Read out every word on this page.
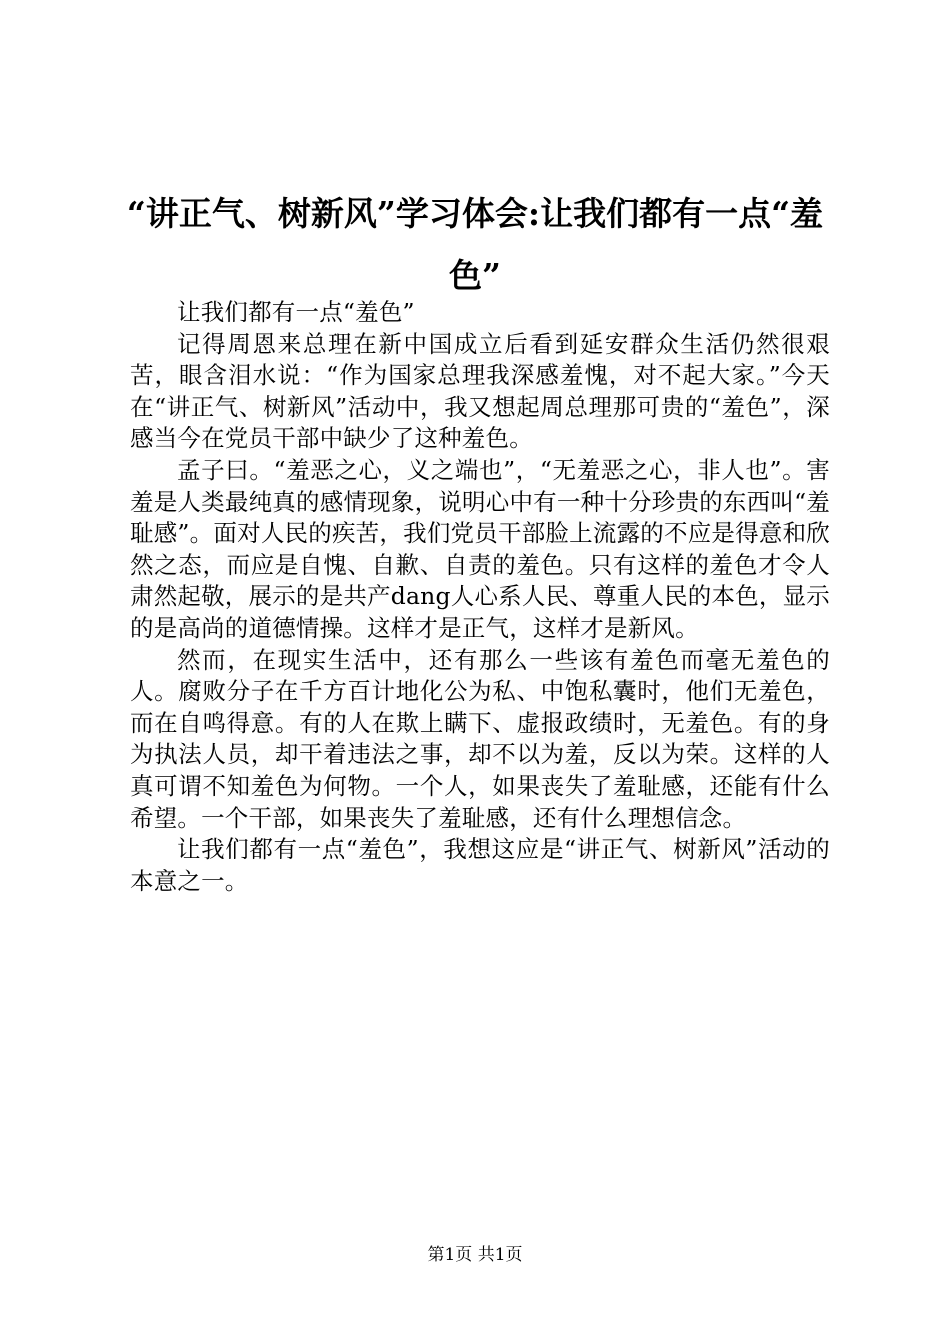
“讲正气、树新风”学习体会:让我们都有一点“羞色”

让我们都有一点“羞色”

记得周恩来总理在新中国成立后看到延安群众生活仍然很艰苦，眼含泪水说：“作为国家总理我深感羞愧，对不起大家。”今天在“讲正气、树新风”活动中，我又想起周总理那可贵的“羞色”，深感当今在党员干部中缺少了这种羞色。

孟子曰。“羞恶之心，义之端也”，“无羞恶之心，非人也”。害羞是人类最纯真的感情现象，说明心中有一种十分珍贵的东西叫“羞耻感”。面对人民的疾苦，我们党员干部脸上流露的不应是得意和欣然之态，而应是自愧、自歉、自责的羞色。只有这样的羞色才令人肃然起敬，展示的是共产dang人心系人民、尊重人民的本色，显示的是高尚的道德情操。这样才是正气，这样才是新风。

然而，在现实生活中，还有那么一些该有羞色而毫无羞色的人。腐败分子在千方百计地化公为私、中饱私囊时，他们无羞色，而在自鸣得意。有的人在欺上瞒下、虚报政绩时，无羞色。有的身为执法人员，却干着违法之事，却不以为羞，反以为荣。这样的人真可谓不知羞色为何物。一个人，如果丧失了羞耻感，还能有什么希望。一个干部，如果丧失了羞耻感，还有什么理想信念。

让我们都有一点“羞色”，我想这应是“讲正气、树新风”活动的本意之一。

第1页 共1页
